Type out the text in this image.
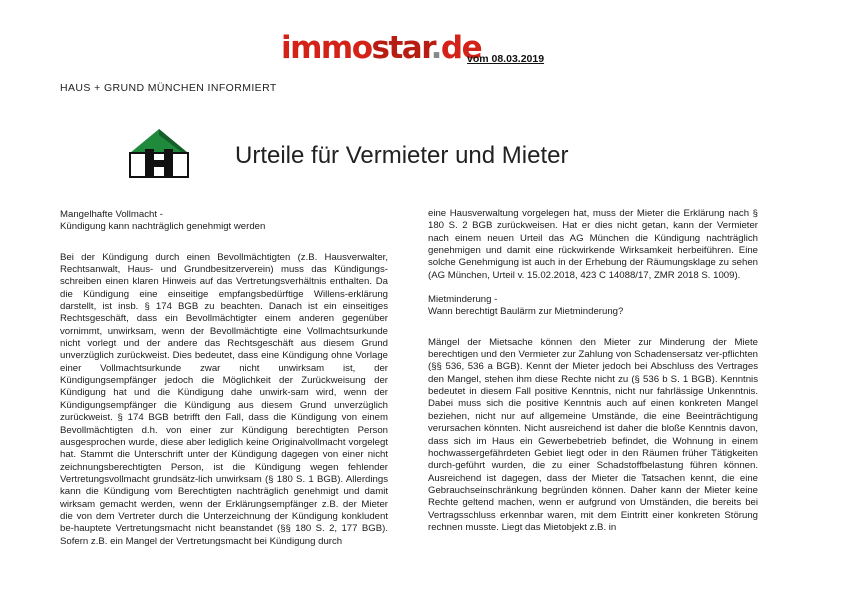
immostar.de
vom 08.03.2019
HAUS + GRUND MÜNCHEN INFORMIERT
Urteile für Vermieter und Mieter
Mangelhafte Vollmacht -
Kündigung kann nachträglich genehmigt werden

Bei der Kündigung durch einen Bevollmächtigten (z.B. Hausverwalter, Rechtsanwalt, Haus- und Grundbesitzerverein) muss das Kündigungs-schreiben einen klaren Hinweis auf das Vertretungsverhältnis enthalten. Da die Kündigung eine einseitige empfangsbedürftige Willens-erklärung darstellt, ist insb. § 174 BGB zu beachten. Danach ist ein einseitiges Rechtsgeschäft, dass ein Bevollmächtigter einem anderen gegenüber vornimmt, unwirksam, wenn der Bevollmächtigte eine Vollmachtsurkunde nicht vorlegt und der andere das Rechtsgeschäft aus diesem Grund unverzüglich zurückweist. Dies bedeutet, dass eine Kündigung ohne Vorlage einer Vollmachtsurkunde zwar nicht unwirksam ist, der Kündigungsempfänger jedoch die Möglichkeit der Zurückweisung der Kündigung hat und die Kündigung dahe unwirk-sam wird, wenn der Kündigungsempfänger die Kündigung aus diesem Grund unverzüglich zurückweist. § 174 BGB betrifft den Fall, dass die Kündigung von einem Bevollmächtigten d.h. von einer zur Kündigung berechtigten Person ausgesprochen wurde, diese aber lediglich keine Originalvollmacht vorgelegt hat. Stammt die Unterschrift unter der Kündigung dagegen von einer nicht zeichnungsberechtigten Person, ist die Kündigung wegen fehlender Vertretungsvollmacht grundsätz-lich unwirksam (§ 180 S. 1 BGB). Allerdings kann die Kündigung vom Berechtigten nachträglich genehmigt und damit wirksam gemacht werden, wenn der Erklärungsempfänger z.B. der Mieter die von dem Vertreter durch die Unterzeichnung der Kündigung konkludent be-hauptete Vertretungsmacht nicht beanstandet (§§ 180 S. 2, 177 BGB). Sofern z.B. ein Mangel der Vertretungsmacht bei Kündigung durch

eine Hausverwaltung vorgelegen hat, muss der Mieter die Erklärung nach § 180 S. 2 BGB zurückweisen. Hat er dies nicht getan, kann der Vermieter nach einem neuen Urteil das AG München die Kündigung nachträglich genehmigen und damit eine rückwirkende Wirksamkeit herbeiführen. Eine solche Genehmigung ist auch in der Erhebung der Räumungsklage zu sehen (AG München, Urteil v. 15.02.2018, 423 C 14088/17, ZMR 2018 S. 1009).

Mietminderung -
Wann berechtigt Baulärm zur Mietminderung?

Mängel der Mietsache können den Mieter zur Minderung der Miete berechtigen und den Vermieter zur Zahlung von Schadensersatz ver-pflichten (§§ 536, 536 a BGB). Kennt der Mieter jedoch bei Abschluss des Vertrages den Mangel, stehen ihm diese Rechte nicht zu (§ 536 b S. 1 BGB). Kenntnis bedeutet in diesem Fall positive Kenntnis, nicht nur fahrlässige Unkenntnis. Dabei muss sich die positive Kenntnis auch auf einen konkreten Mangel beziehen, nicht nur auf allgemeine Umstände, die eine Beeinträchtigung verursachen könnten. Nicht ausreichend ist daher die bloße Kenntnis davon, dass sich im Haus ein Gewerbebetrieb befindet, die Wohnung in einem hochwassergefährdeten Gebiet liegt oder in den Räumen früher Tätigkeiten durch-geführt wurden, die zu einer Schadstoffbelastung führen können. Ausreichend ist dagegen, dass der Mieter die Tatsachen kennt, die eine Gebrauchseinschränkung begründen können. Daher kann der Mieter keine Rechte geltend machen, wenn er aufgrund von Umständen, die bereits bei Vertragsschluss erkennbar waren, mit dem Eintritt einer konkreten Störung rechnen musste. Liegt das Mietobjekt z.B. in
